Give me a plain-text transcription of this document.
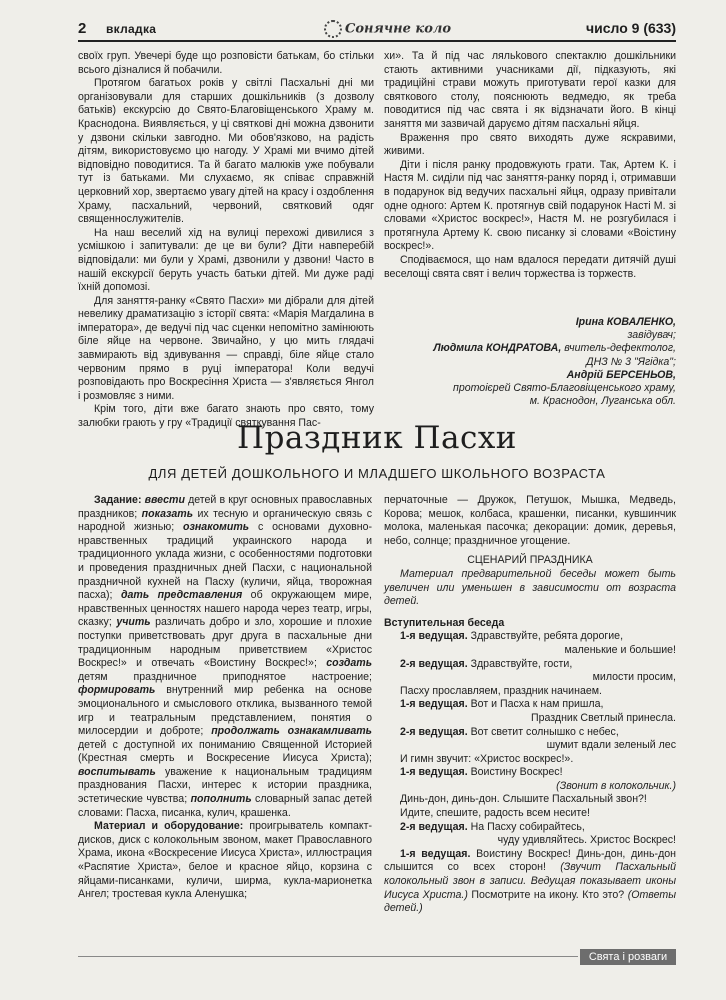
2 вкладка	Сонячне коло	число 9 (633)

своїх груп. Увечері буде що розповісти батькам, бо стільки всього дізналися й побачили.

Протягом багатьох років у світлі Пасхальні дні ми організовували для старших дошкільників (з дозволу батьків) екскурсію до Свято-Благовіщенського Храму м. Краснодона. Виявляється, у ці святкові дні можна дзвонити у дзвони скільки завгодно. Ми обов'язково, на радість дітям, використовуємо цю нагоду. У Храмі ми вчимо дітей відповідно поводитися. Та й багато малюків уже побували тут із батьками. Ми слухаємо, як співає справжній церковний хор, звертаємо увагу дітей на красу і оздоблення Храму, пасхальний, червоний, святковий одяг священнослужителів.

На наш веселий хід на вулиці перехожі дивилися з усмішкою і запитували: де це ви були? Діти навперебій відповідали: ми були у Храмі, дзвонили у дзвони! Часто в нашій екскурсії беруть участь батьки дітей. Ми дуже раді їхній допомозі.

Для заняття-ранку «Свято Пасхи» ми дібрали для дітей невелику драматизацію з історії свята: «Марія Магдалина в імператора», де ведучі під час сценки непомітно замінюють біле яйце на червоне. Звичайно, у цю мить глядачі завмирають від здивування — справді, біле яйце стало червоним прямо в руці імператора! Коли ведучі розповідають про Воскресіння Христа — з'являється Янгол і розмовляє з ними.

Крім того, діти вже багато знають про свято, тому залюбки грають у гру «Традиції святкування Пас-

хи». Та й під час ляльkового спектаклю дошкільники стають активними учасниками дії, підказують, які традиційні страви можуть приготувати герої казки для святкового столу, пояснюють ведмедю, як треба поводитися під час свята і як відзначати його. В кінці заняття ми зазвичай даруємо дітям пасхальні яйця.

Враження про свято виходять дуже яскравими, живими.

Діти і після ранку продовжують грати. Так, Артем К. і Настя М. сиділи під час заняття-ранку поряд і, отримавши в подарунок від ведучих пасхальні яйця, одразу привітали одне одного: Артем К. протягнув свій подарунок Насті М. зі словами «Христос воскрес!», Настя М. не розгубилася і протягнула Артему К. свою писанку зі словами «Воістину воскрес!».

Сподіваємося, що нам вдалося передати дитячій душі веселощі свята свят і велич торжества із торжеств.

Ірина КОВАЛЕНКО,
завідувач;
Людмила КОНДРАТОВА, вчитель-дефектолог,
ДНЗ № 3 "Ягідка";
Андрій БЕРСЕНЬОВ,
протоієрей Свято-Благовіщенського храму,
м. Краснодон, Луганська обл.
Праздник Пасхи
ДЛЯ ДЕТЕЙ ДОШКОЛЬНОГО И МЛАДШЕГО ШКОЛЬНОГО ВОЗРАСТА

Задание: ввести детей в круг основных православных праздников; показать их тесную и органическую связь с народной жизнью; ознакомить с основами духовно-нравственных традиций украинского народа и традиционного уклада жизни, с особенностями подготовки и проведения праздничных дней Пасхи, с национальной праздничной кухней на Пасху (куличи, яйца, творожная пасха); дать представления об окружающем мире, нравственных ценностях нашего народа через театр, игры, сказку; учить различать добро и зло, хорошие и плохие поступки приветствовать друг друга в пасхальные дни традиционным народным приветствием «Христос Воскрес!» и отвечать «Воистину Воскрес!»; создать детям праздничное приподнятое настроение; формировать внутренний мир ребенка на основе эмоционального и смыслового отклика, вызванного темой игр и театральным представлением, понятия о милосердии и доброте; продолжать ознакамливать детей с доступной их пониманию Священной Историей (Крестная смерть и Воскресение Иисуса Христа); воспитывать уважение к национальным традициям празднования Пасхи, интерес к истории праздника, эстетические чувства; пополнить словарный запас детей словами: Пасха, писанка, кулич, крашенка.

Материал и оборудование: проигрыватель компакт-дисков, диск с колокольным звоном, макет Православного Храма, икона «Воскресение Иисуса Христа», иллюстрация «Распятие Христа», белое и красное яйцо, корзина с яйцами-писанками, куличи, ширма, кукла-марионетка Ангел; тростевая кукла Аленушка;

перчаточные — Дружок, Петушок, Мышка, Медведь, Корова; мешок, колбаса, крашенки, писанки, кувшинчик молока, маленькая пасочка; декорации: домик, деревья, небо, солнце; праздничное угощение.

СЦЕНАРИЙ ПРАЗДНИКА

Материал предварительной беседы может быть увеличен или уменьшен в зависимости от возраста детей.

Вступительная беседа

1-я ведущая. Здравствуйте, ребята дорогие,
маленькие и большие!

2-я ведущая. Здравствуйте, гости,
милости просим,

Пасху прославляем, праздник начинаем.

1-я ведущая. Вот и Пасха к нам пришла,
Праздник Светлый принесла.

2-я ведущая. Вот светит солнышко с небес,
шумит вдали зеленый лес

И гимн звучит: «Христос воскрес!».

1-я ведущая. Воистину Воскрес!
(Звонит в колокольчик.)

Динь-дон, динь-дон. Слышите Пасхальный звон?!

Идите, спешите, радость всем несите!

2-я ведущая. На Пасху собирайтесь,
чуду удивляйтесь. Христос Воскрес!

1-я ведущая. Воистину Воскрес! Динь-дон, динь-дон слышится со всех сторон! (Звучит Пасхальный колокольный звон в записи. Ведущая показывает иконы Иисуса Христа.) Посмотрите на икону. Кто это? (Ответы детей.)

Свята і розваги
